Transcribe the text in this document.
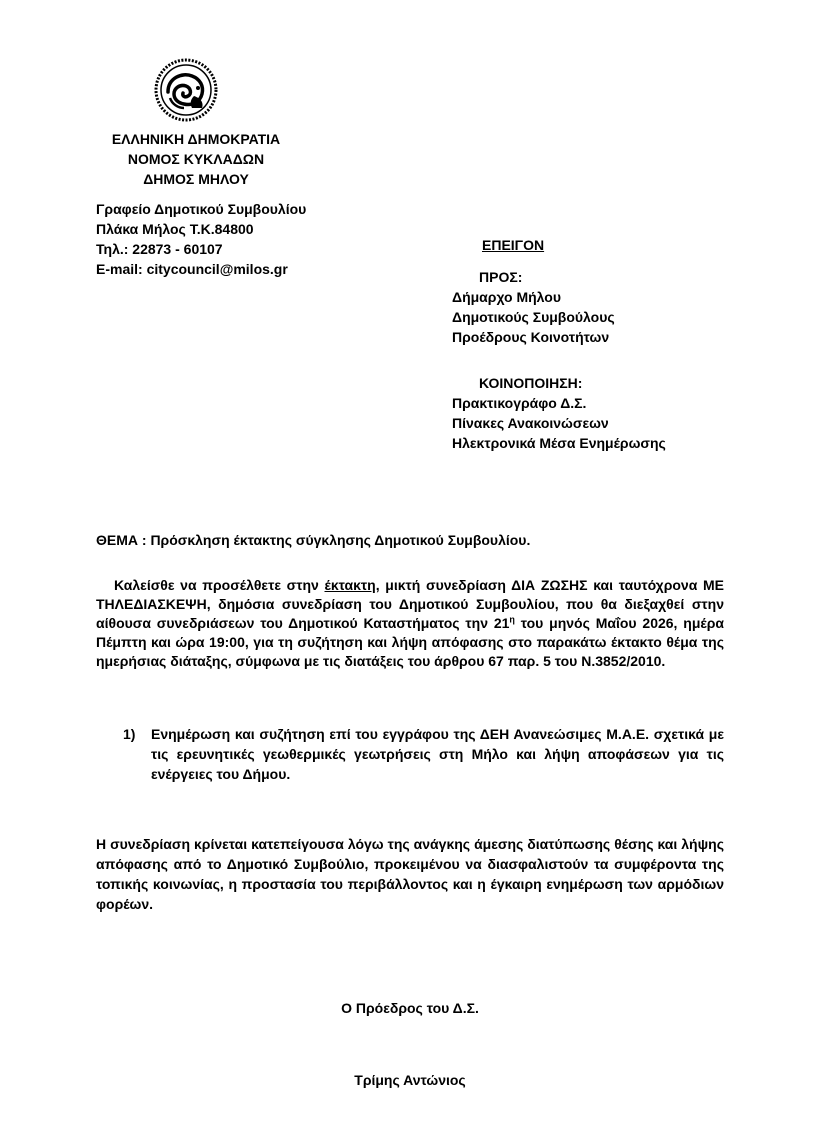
ΕΛΛΗΝΙΚΗ ΔΗΜΟΚΡΑΤΙΑ
ΝΟΜΟΣ ΚΥΚΛΑΔΩΝ
ΔΗΜΟΣ ΜΗΛΟΥ
Γραφείο Δημοτικού Συμβουλίου
Πλάκα Μήλος Τ.Κ.84800
Τηλ.: 22873 - 60107
E-mail: citycouncil@milos.gr
ΕΠΕΙΓΟΝ
ΠΡΟΣ:
Δήμαρχο Μήλου
Δημοτικούς Συμβούλους
Προέδρους Κοινοτήτων
ΚΟΙΝΟΠΟΙΗΣΗ:
Πρακτικογράφο Δ.Σ.
Πίνακες Ανακοινώσεων
Ηλεκτρονικά Μέσα Ενημέρωσης
ΘΕΜΑ : Πρόσκληση έκτακτης σύγκλησης Δημοτικού Συμβουλίου.
Καλείσθε να προσέλθετε στην έκτακτη, μικτή συνεδρίαση ΔΙΑ ΖΩΣΗΣ και ταυτόχρονα ΜΕ ΤΗΛΕΔΙΑΣΚΕΨΗ, δημόσια συνεδρίαση του Δημοτικού Συμβουλίου, που θα διεξαχθεί στην αίθουσα συνεδριάσεων του Δημοτικού Καταστήματος την $21^\eta$ του μηνός Μαΐου 2026, ημέρα Πέμπτη και ώρα 19:00, για τη συζήτηση και λήψη απόφασης στο παρακάτω έκτακτο θέμα της ημερήσιας διάταξης, σύμφωνα με τις διατάξεις του άρθρου 67 παρ. 5 του Ν.3852/2010.
1) Ενημέρωση και συζήτηση επί του εγγράφου της ΔΕΗ Ανανεώσιμες Μ.Α.Ε. σχετικά με τις ερευνητικές γεωθερμικές γεωτρήσεις στη Μήλο και λήψη αποφάσεων για τις ενέργειες του Δήμου.
Η συνεδρίαση κρίνεται κατεπείγουσα λόγω της ανάγκης άμεσης διατύπωσης θέσης και λήψης απόφασης από το Δημοτικό Συμβούλιο, προκειμένου να διασφαλιστούν τα συμφέροντα της τοπικής κοινωνίας, η προστασία του περιβάλλοντος και η έγκαιρη ενημέρωση των αρμόδιων φορέων.
Ο Πρόεδρος του Δ.Σ.
Τρίμης Αντώνιος
